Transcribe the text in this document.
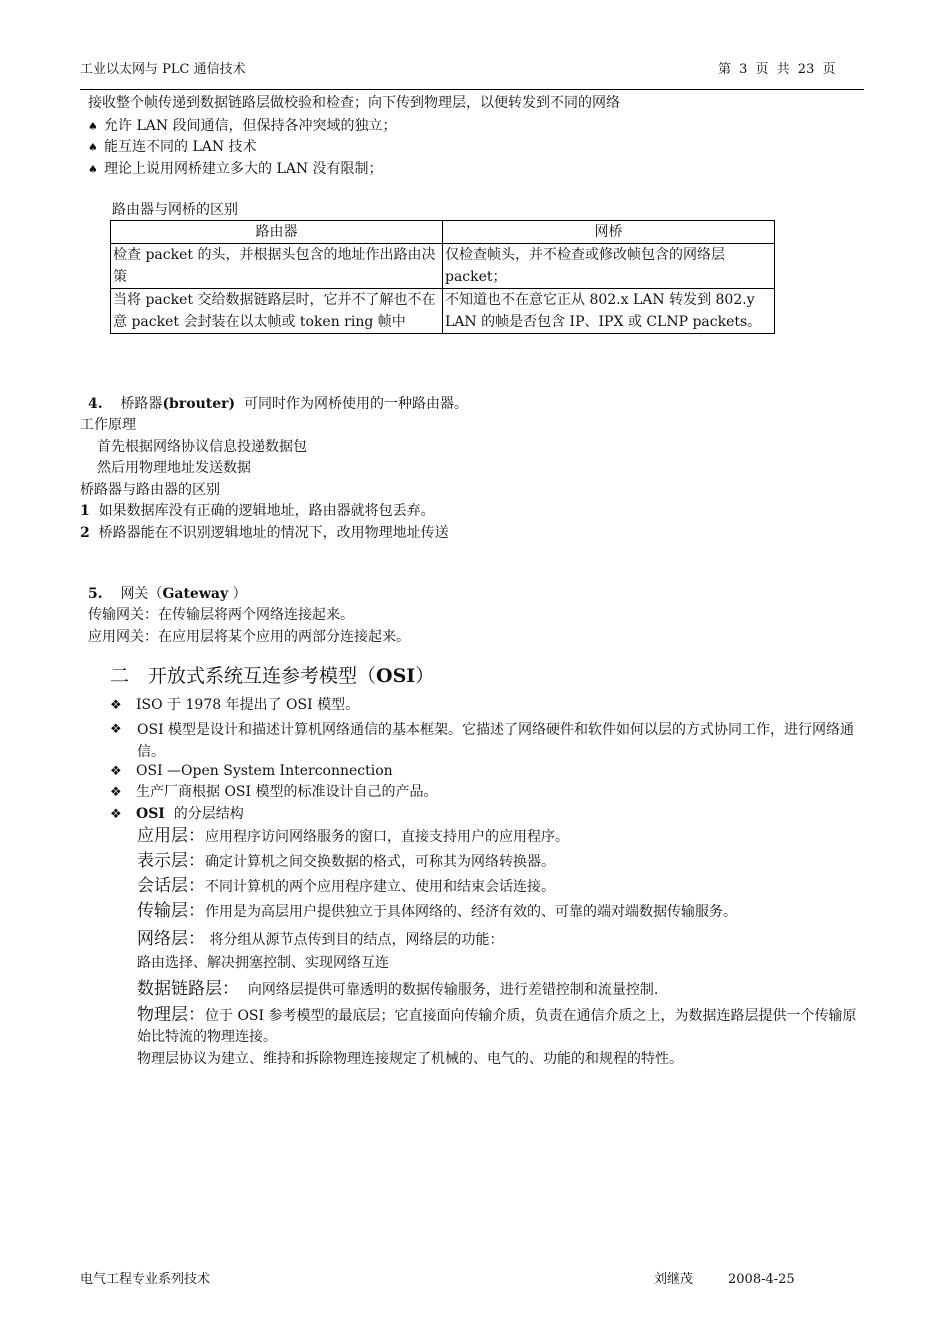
工业以太网与 PLC 通信技术	第 3 页 共 23 页
接收整个帧传递到数据链路层做校验和检查；向下传到物理层，以便转发到不同的网络
♠ 允许 LAN 段间通信，但保持各冲突域的独立；
♠ 能互连不同的 LAN 技术
♠ 理论上说用网桥建立多大的 LAN 没有限制；
路由器与网桥的区别
路由器	网桥
检查 packet 的头，并根据头包含的地址作出路由决策	仅检查帧头，并不检查或修改帧包含的网络层 packet；
当将 packet 交给数据链路层时，它并不了解也不在意 packet 会封装在以太帧或 token ring 帧中	不知道也不在意它正从 802.x LAN 转发到 802.y LAN 的帧是否包含 IP、IPX 或 CLNP packets。
4. 桥路器(brouter) 可同时作为网桥使用的一种路由器。
工作原理
首先根据网络协议信息投递数据包
然后用物理地址发送数据
桥路器与路由器的区别
1 如果数据库没有正确的逻辑地址，路由器就将包丢弃。
2 桥路器能在不识别逻辑地址的情况下，改用物理地址传送
5. 网关（Gateway ）
传输网关：在传输层将两个网络连接起来。
应用网关：在应用层将某个应用的两部分连接起来。
二　开放式系统互连参考模型（OSI）
❖ ISO 于 1978 年提出了 OSI 模型。
❖	OSI 模型是设计和描述计算机网络通信的基本框架。它描述了网络硬件和软件如何以层的方式协同工作，进行网络通信。
❖ OSI —Open System Interconnection
❖ 生产厂商根据 OSI 模型的标准设计自己的产品。
❖ OSI 的分层结构
应用层：应用程序访问网络服务的窗口，直接支持用户的应用程序。
表示层：确定计算机之间交换数据的格式，可称其为网络转换器。
会话层：不同计算机的两个应用程序建立、使用和结束会话连接。
传输层：作用是为高层用户提供独立于具体网络的、经济有效的、可靠的端对端数据传输服务。
网络层： 将分组从源节点传到目的结点，网络层的功能：
路由选择、解决拥塞控制、实现网络互连
数据链路层： 向网络层提供可靠透明的数据传输服务，进行差错控制和流量控制.
物理层：位于 OSI 参考模型的最底层；它直接面向传输介质，负责在通信介质之上，为数据连路层提供一个传输原始比特流的物理连接。
物理层协议为建立、维持和拆除物理连接规定了机械的、电气的、功能的和规程的特性。
电气工程专业系列技术	刘继茂	2008-4-25
